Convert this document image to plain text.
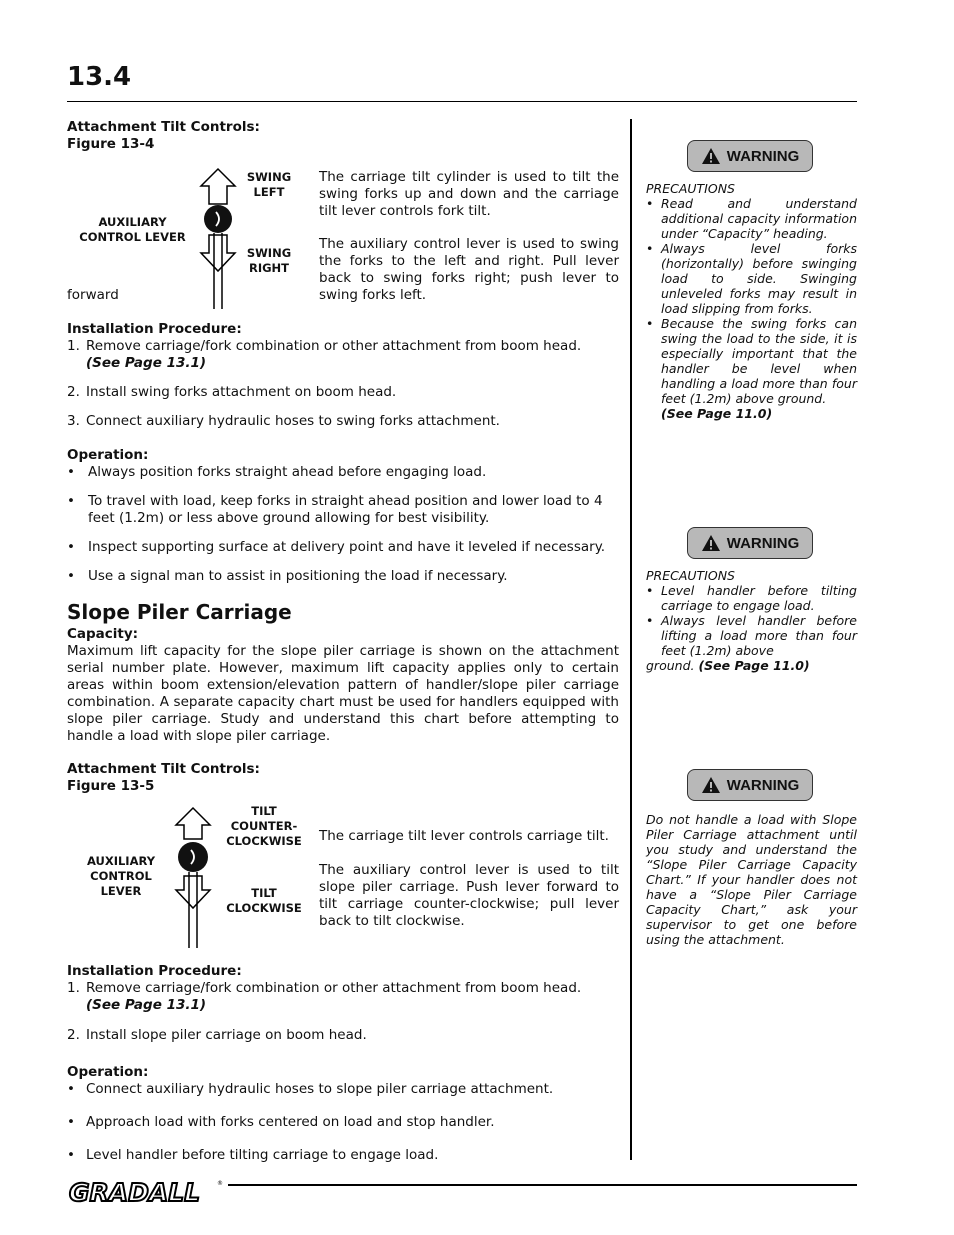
13.4
Attachment Tilt Controls:
Figure 13-4
SWING LEFT
SWING RIGHT
AUXILIARY CONTROL LEVER
forward
The carriage tilt cylinder is used to tilt the swing forks up and down and the carriage tilt lever controls fork tilt.
The auxiliary control lever is used to swing the forks to the left and right. Pull lever back to swing forks right; push lever to swing forks left.
Installation Procedure:
1. Remove carriage/fork combination or other attachment from boom head.
(See Page 13.1)
2. Install swing forks attachment on boom head.
3. Connect auxiliary hydraulic hoses to swing forks attachment.
Operation:
• Always position forks straight ahead before engaging load.
• To travel with load, keep forks in straight ahead position and lower load to 4 feet (1.2m) or less above ground allowing for best visibility.
• Inspect supporting surface at delivery point and have it leveled if necessary.
• Use a signal man to assist in positioning the load if necessary.
Slope Piler Carriage
Capacity:
Maximum lift capacity for the slope piler carriage is shown on the attachment serial number plate. However, maximum lift capacity applies only to certain areas within boom extension/elevation pattern of handler/slope piler carriage combination. A separate capacity chart must be used for handlers equipped with slope piler carriage. Study and understand this chart before attempting to handle a load with slope piler carriage.
Attachment Tilt Controls:
Figure 13-5
TILT COUNTER-CLOCKWISE
TILT CLOCKWISE
AUXILIARY CONTROL LEVER
The carriage tilt lever controls carriage tilt.
The auxiliary control lever is used to tilt slope piler carriage. Push lever forward to tilt carriage counter-clockwise; pull lever back to tilt clockwise.
Installation Procedure:
1. Remove carriage/fork combination or other attachment from boom head.
(See Page 13.1)
2. Install slope piler carriage on boom head.
Operation:
• Connect auxiliary hydraulic hoses to slope piler carriage attachment.
• Approach load with forks centered on load and stop handler.
• Level handler before tilting carriage to engage load.
WARNING
PRECAUTIONS
• Read and understand additional capacity information under “Capacity” heading.
• Always level forks (horizontally) before swinging load to side. Swinging unleveled forks may result in load slipping from forks.
• Because the swing forks can swing the load to the side, it is especially important that the handler be level when handling a load more than four feet (1.2m) above ground.
(See Page 11.0)
WARNING
PRECAUTIONS
• Level handler before tilting carriage to engage load.
• Always level handler before lifting a load more than four feet (1.2m) above
ground. (See Page 11.0)
WARNING
Do not handle a load with Slope Piler Carriage attachment until you study and understand the “Slope Piler Carriage Capacity Chart.” If your handler does not have a “Slope Piler Carriage Capacity Chart,” ask your supervisor to get one before using the attachment.
GRADALL	®
